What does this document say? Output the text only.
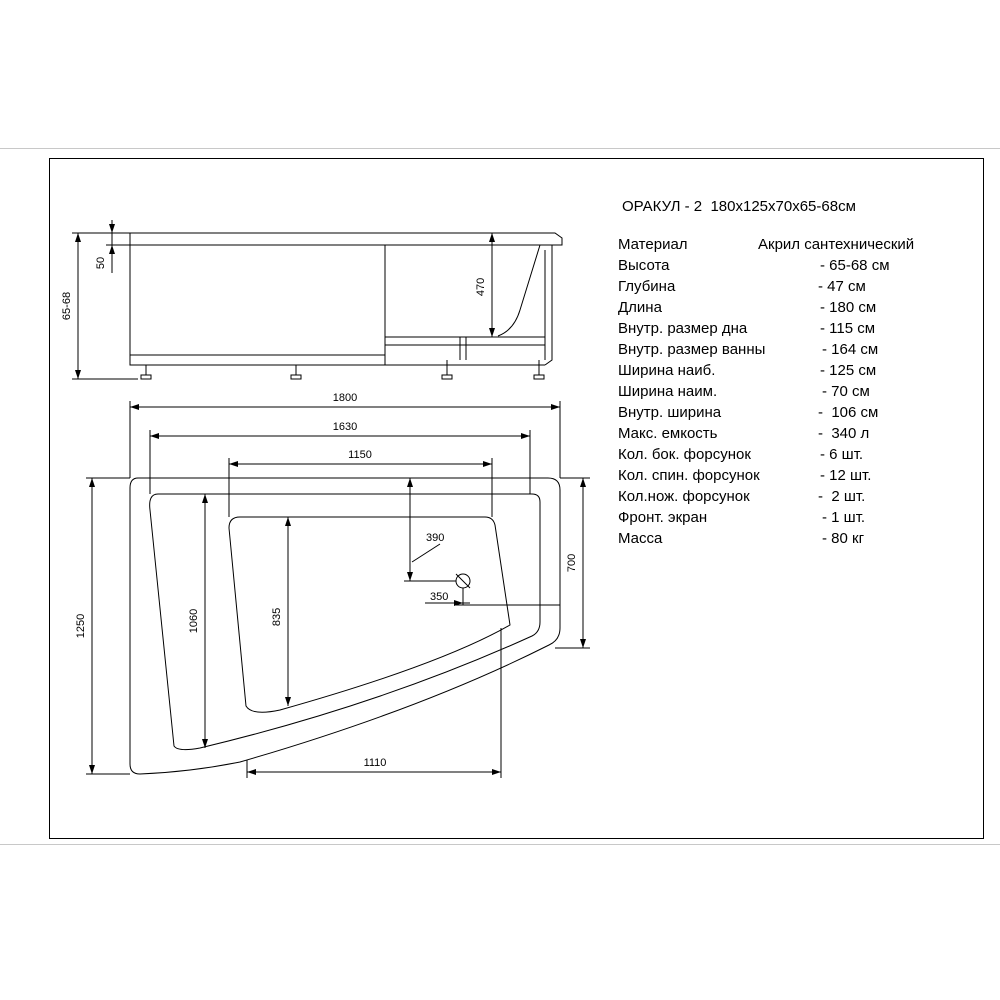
65-68
50
470
1800
1630
1150
1250	1060	835
700
1110
390
350
ОРАКУЛ - 2  180х125х70х65-68см
Материал	Акрил сантехнический
Высота	- 65-68 см
Глубина	- 47 см
Длина	- 180 см
Внутр. размер дна	- 115 см
Внутр. размер ванны	- 164 см
Ширина наиб.	- 125 см
Ширина наим.	- 70 см
Внутр. ширина	-  106 см
Макс. емкость	-  340 л
Кол. бок. форсунок	- 6 шт.
Кол. спин. форсунок	- 12 шт.
Кол.нож. форсунок	-  2 шт.
Фронт. экран	- 1 шт.
Масса	- 80 кг
